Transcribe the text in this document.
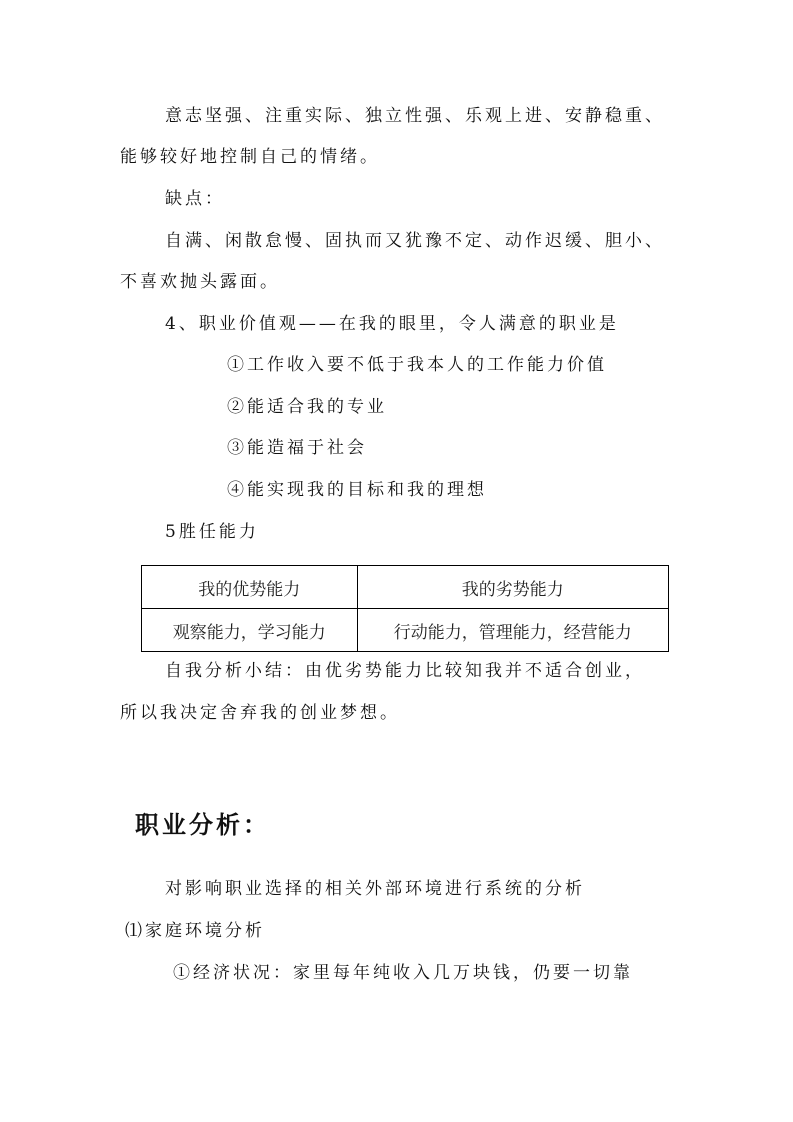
意志坚强、注重实际、独立性强、乐观上进、安静稳重、
能够较好地控制自己的情绪。
缺点：
自满、闲散怠慢、固执而又犹豫不定、动作迟缓、胆小、
不喜欢抛头露面。
4、职业价值观——在我的眼里，令人满意的职业是
①工作收入要不低于我本人的工作能力价值
②能适合我的专业
③能造福于社会
④能实现我的目标和我的理想
5胜任能力
我的优势能力	我的劣势能力
观察能力，学习能力	行动能力，管理能力，经营能力
自我分析小结：由优劣势能力比较知我并不适合创业，
所以我决定舍弃我的创业梦想。
职业分析：
对影响职业选择的相关外部环境进行系统的分析
⑴家庭环境分析
①经济状况：家里每年纯收入几万块钱，仍要一切靠
